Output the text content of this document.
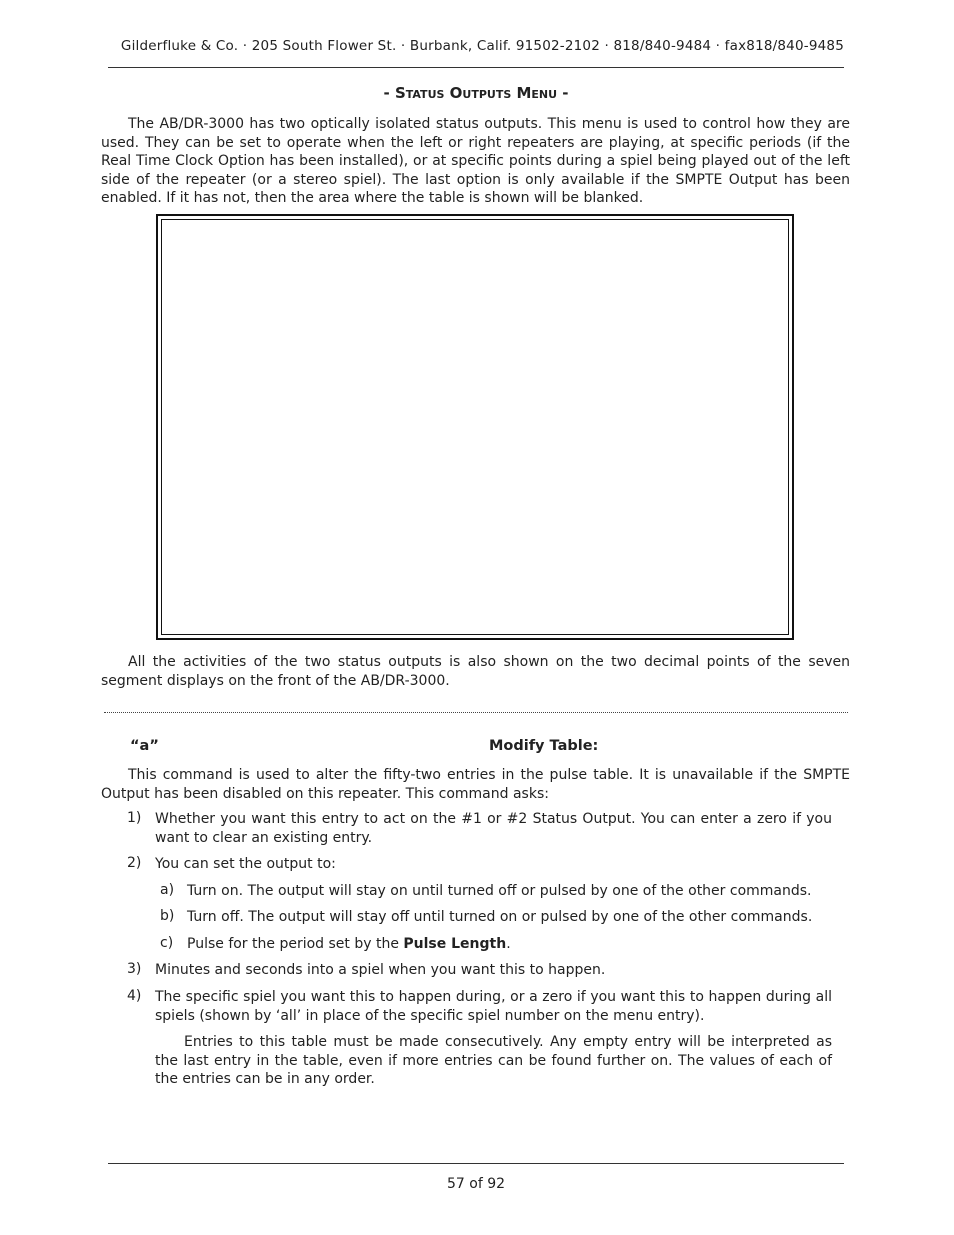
Gilderfluke & Co. · 205 South Flower St. · Burbank, Calif. 91502-2102 · 818/840-9484 · fax818/840-9485
- Status Outputs Menu -
The AB/DR-3000 has two optically isolated status outputs. This menu is used to control how they are used. They can be set to operate when the left or right repeaters are playing, at specific periods (if the Real Time Clock Option has been installed), or at specific points during a spiel being played out of the left side of the repeater (or a stereo spiel). The last option is only available if the SMPTE Output has been enabled. If it has not, then the area where the table is shown will be blanked.
All the activities of the two status outputs is also shown on the two decimal points of the seven segment displays on the front of the AB/DR-3000.
“a”	Modify Table:
This command is used to alter the fifty-two entries in the pulse table. It is unavailable if the SMPTE Output has been disabled on this repeater. This command asks:
1) Whether you want this entry to act on the #1 or #2 Status Output. You can enter a zero if you want to clear an existing entry.
2) You can set the output to:
a) Turn on. The output will stay on until turned off or pulsed by one of the other commands.
b) Turn off. The output will stay off until turned on or pulsed by one of the other commands.
c) Pulse for the period set by the Pulse Length.
3) Minutes and seconds into a spiel when you want this to happen.
4) The specific spiel you want this to happen during, or a zero if you want this to happen during all spiels (shown by ‘all’ in place of the specific spiel number on the menu entry).
Entries to this table must be made consecutively. Any empty entry will be interpreted as the last entry in the table, even if more entries can be found further on. The values of each of the entries can be in any order.
57 of 92
